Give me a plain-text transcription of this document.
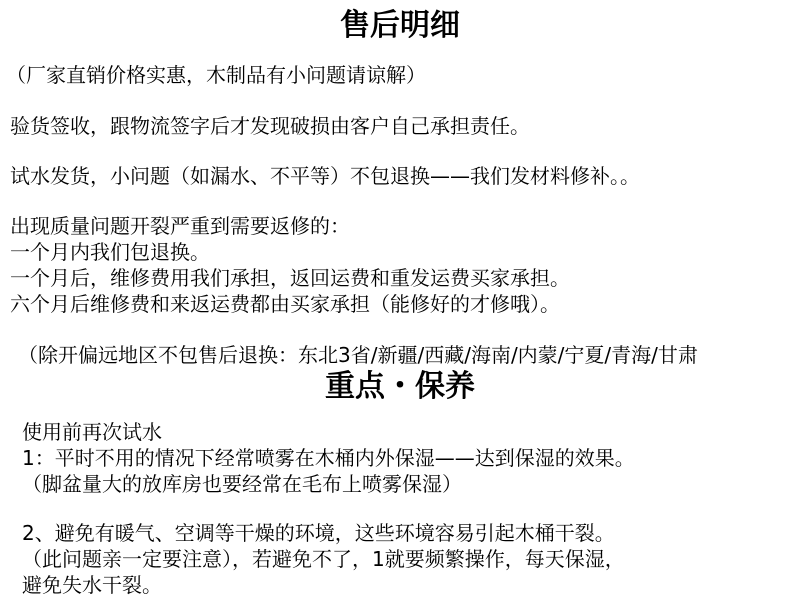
售后明细
（厂家直销价格实惠，木制品有小问题请谅解）
验货签收，跟物流签字后才发现破损由客户自己承担责任。
试水发货，小问题（如漏水、不平等）不包退换——我们发材料修补。。
出现质量问题开裂严重到需要返修的：
一个月内我们包退换。
一个月后，维修费用我们承担，返回运费和重发运费买家承担。
六个月后维修费和来返运费都由买家承担（能修好的才修哦）。
（除开偏远地区不包售后退换：东北3省/新疆/西藏/海南/内蒙/宁夏/青海/甘肃
重点・保养
使用前再次试水
1：平时不用的情况下经常喷雾在木桶内外保湿——达到保湿的效果。
（脚盆量大的放库房也要经常在毛布上喷雾保湿）
2、避免有暖气、空调等干燥的环境，这些环境容易引起木桶干裂。
（此问题亲一定要注意），若避免不了，1就要频繁操作，每天保湿，
避免失水干裂。
